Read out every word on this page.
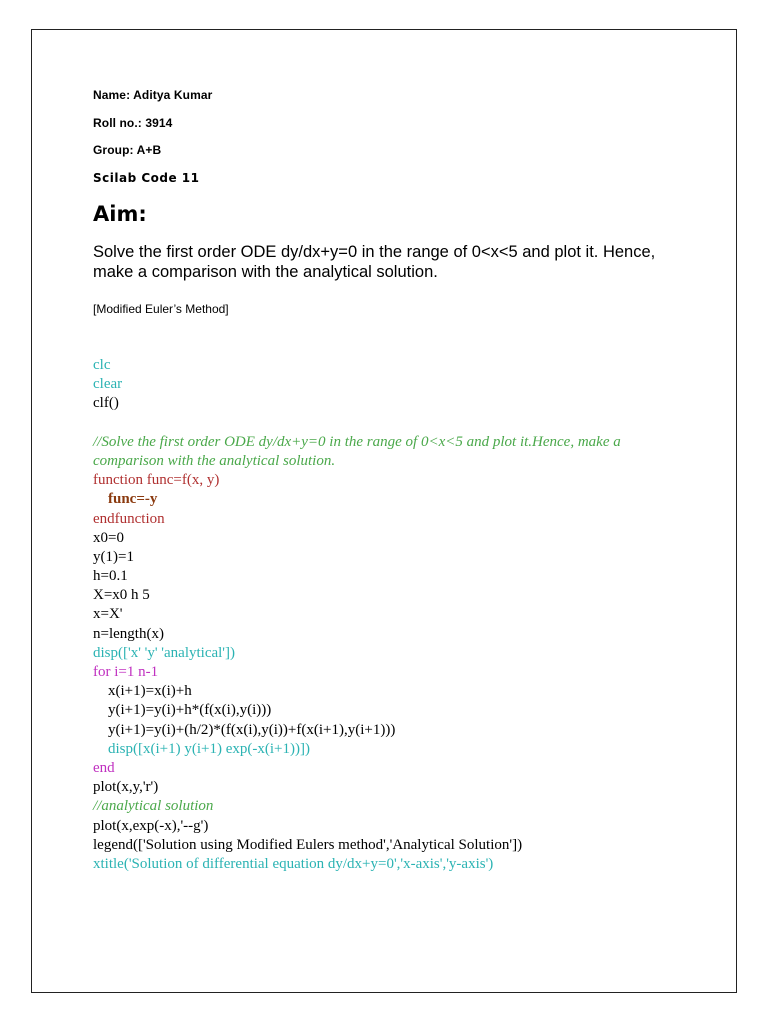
Name: Aditya Kumar
Roll no.: 3914
Group: A+B
Scilab Code 11
Aim:
Solve the first order ODE dy/dx+y=0 in the range of 0<x<5 and plot it. Hence, make a comparison with the analytical solution.
[Modified Euler’s Method]
clc
clear
clf()
//Solve the first order ODE dy/dx+y=0 in the range of 0<x<5 and plot it.Hence, make a comparison with the analytical solution.
function func=f(x, y)
func=-y
endfunction
x0=0
y(1)=1
h=0.1
X=x0 h 5
x=X'
n=length(x)
disp(['x' 'y' 'analytical'])
for i=1 n-1
x(i+1)=x(i)+h
y(i+1)=y(i)+h*(f(x(i),y(i)))
y(i+1)=y(i)+(h/2)*(f(x(i),y(i))+f(x(i+1),y(i+1)))
disp([x(i+1) y(i+1) exp(-x(i+1))])
end
plot(x,y,'r')
//analytical solution
plot(x,exp(-x),'--g')
legend(['Solution using Modified Eulers method','Analytical Solution'])
xtitle('Solution of differential equation dy/dx+y=0','x-axis','y-axis')
